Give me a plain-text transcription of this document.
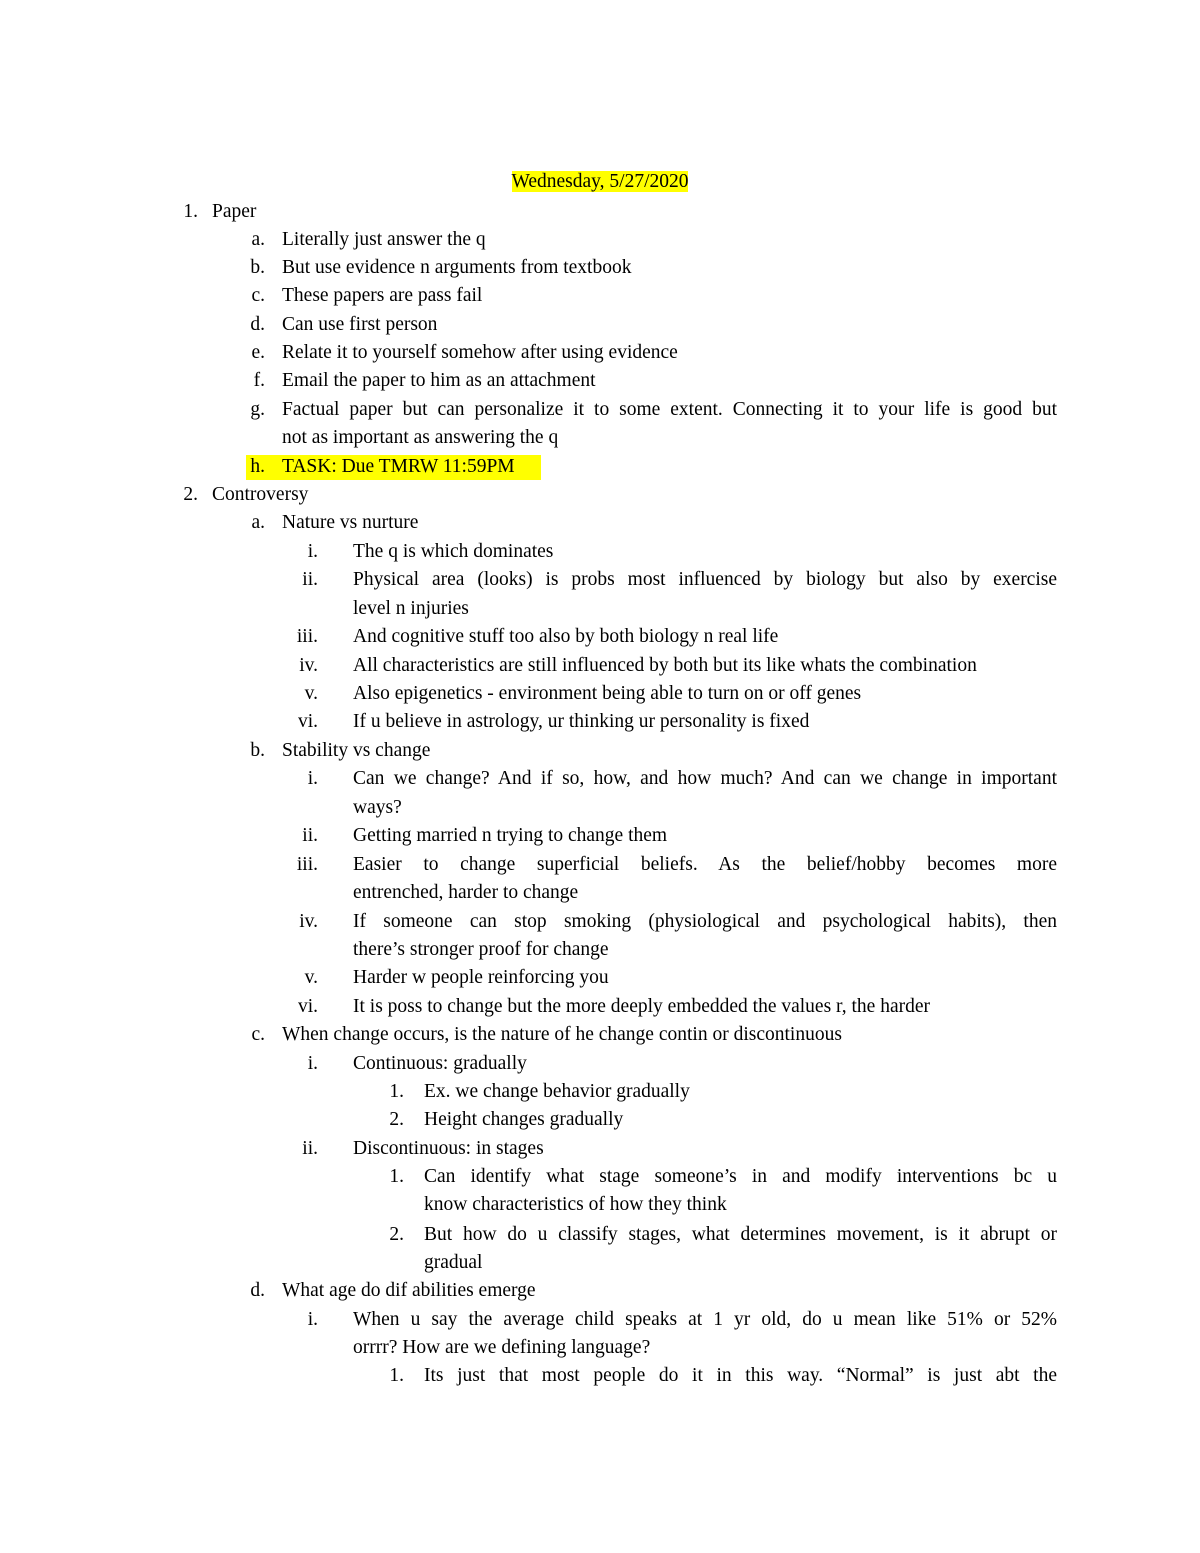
Wednesday, 5/27/2020
1. Paper
a. Literally just answer the q
b. But use evidence n arguments from textbook
c. These papers are pass fail
d. Can use first person
e. Relate it to yourself somehow after using evidence
f. Email the paper to him as an attachment
g. Factual paper but can personalize it to some extent. Connecting it to your life is good but
not as important as answering the q
h. TASK: Due TMRW 11:59PM
2. Controversy
a. Nature vs nurture
i. The q is which dominates
ii. Physical area (looks) is probs most influenced by biology but also by exercise
level n injuries
iii. And cognitive stuff too also by both biology n real life
iv. All characteristics are still influenced by both but its like whats the combination
v. Also epigenetics - environment being able to turn on or off genes
vi. If u believe in astrology, ur thinking ur personality is fixed
b. Stability vs change
i. Can we change? And if so, how, and how much? And can we change in important
ways?
ii. Getting married n trying to change them
iii. Easier to change superficial beliefs. As the belief/hobby becomes more
entrenched, harder to change
iv. If someone can stop smoking (physiological and psychological habits), then
there’s stronger proof for change
v. Harder w people reinforcing you
vi. It is poss to change but the more deeply embedded the values r, the harder
c. When change occurs, is the nature of he change contin or discontinuous
i. Continuous: gradually
1. Ex. we change behavior gradually
2. Height changes gradually
ii. Discontinuous: in stages
1. Can identify what stage someone’s in and modify interventions bc u
know characteristics of how they think
2. But how do u classify stages, what determines movement, is it abrupt or
gradual
d. What age do dif abilities emerge
i. When u say the average child speaks at 1 yr old, do u mean like 51% or 52%
orrrr? How are we defining language?
1. Its just that most people do it in this way. “Normal” is just abt the
